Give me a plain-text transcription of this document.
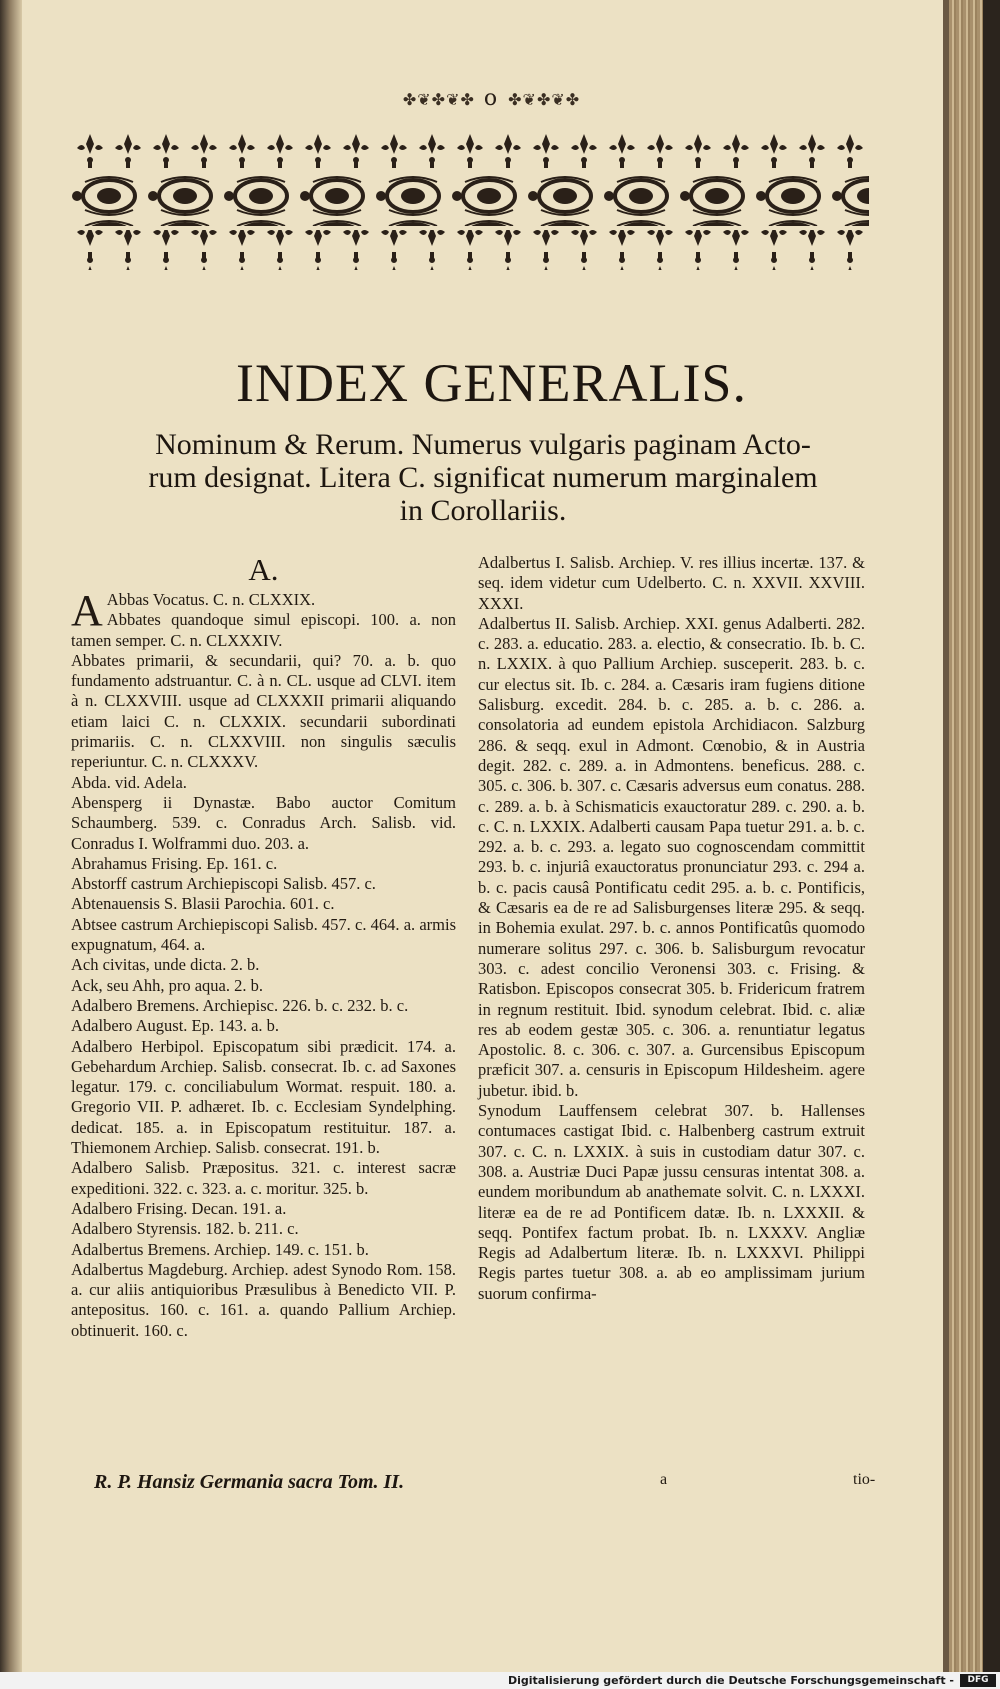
✤❦✤❦✤ o ✤❦✤❦✤
INDEX GENERALIS.
Nominum & Rerum. Numerus vulgaris paginam Acto-
rum designat. Litera C. significat numerum marginalem
in Corollariis.
A.

A Abbas Vocatus. C. n. CLXXIX.

Abbates quandoque simul episcopi. 100. a. non tamen semper. C. n. CLXXXIV.

Abbates primarii, & secundarii, qui? 70. a. b. quo fundamento adstruantur. C. à n. CL. usque ad CLVI. item à n. CLXXVIII. usque ad CLXXXII primarii aliquando etiam laici C. n. CLXXIX. secundarii subordinati primariis. C. n. CLXXVIII. non singulis sæculis reperiuntur. C. n. CLXXXV.

Abda. vid. Adela.

Abensperg ii Dynastæ. Babo auctor Comitum Schaumberg. 539. c. Conradus Arch. Salisb. vid. Conradus I. Wolframmi duo. 203. a.

Abrahamus Frising. Ep. 161. c.

Abstorff castrum Archiepiscopi Salisb. 457. c.

Abtenauensis S. Blasii Parochia. 601. c.

Abtsee castrum Archiepiscopi Salisb. 457. c. 464. a. armis expugnatum, 464. a.

Ach civitas, unde dicta. 2. b.

Ack, seu Ahh, pro aqua. 2. b.

Adalbero Bremens. Archiepisc. 226. b. c. 232. b. c.

Adalbero August. Ep. 143. a. b.

Adalbero Herbipol. Episcopatum sibi prædicit. 174. a. Gebehardum Archiep. Salisb. consecrat. Ib. c. ad Saxones legatur. 179. c. conciliabulum Wormat. respuit. 180. a. Gregorio VII. P. adhæret. Ib. c. Ecclesiam Syndelphing. dedicat. 185. a. in Episcopatum restituitur. 187. a. Thiemonem Archiep. Salisb. consecrat. 191. b.

Adalbero Salisb. Præpositus. 321. c. interest sacræ expeditioni. 322. c. 323. a. c. moritur. 325. b.

Adalbero Frising. Decan. 191. a.

Adalbero Styrensis. 182. b. 211. c.

Adalbertus Bremens. Archiep. 149. c. 151. b.

Adalbertus Magdeburg. Archiep. adest Synodo Rom. 158. a. cur aliis antiquioribus Præsulibus à Benedicto VII. P. antepositus. 160. c. 161. a. quando Pallium Archiep. obtinuerit. 160. c.

Adalbertus I. Salisb. Archiep. V. res illius incertæ. 137. & seq. idem videtur cum Udelberto. C. n. XXVII. XXVIII. XXXI.

Adalbertus II. Salisb. Archiep. XXI. genus Adalberti. 282. c. 283. a. educatio. 283. a. electio, & consecratio. Ib. b. C. n. LXXIX. à quo Pallium Archiep. susceperit. 283. b. c. cur electus sit. Ib. c. 284. a. Cæsaris iram fugiens ditione Salisburg. excedit. 284. b. c. 285. a. b. c. 286. a. consolatoria ad eundem epistola Archidiacon. Salzburg 286. & seqq. exul in Admont. Cœnobio, & in Austria degit. 282. c. 289. a. in Admontens. beneficus. 288. c. 305. c. 306. b. 307. c. Cæsaris adversus eum conatus. 288. c. 289. a. b. à Schismaticis exauctoratur 289. c. 290. a. b. c. C. n. LXXIX. Adalberti causam Papa tuetur 291. a. b. c. 292. a. b. c. 293. a. legato suo cognoscendam committit 293. b. c. injuriâ exauctoratus pronunciatur 293. c. 294 a. b. c. pacis causâ Pontificatu cedit 295. a. b. c. Pontificis, & Cæsaris ea de re ad Salisburgenses literæ 295. & seqq. in Bohemia exulat. 297. b. c. annos Pontificatûs quomodo numerare solitus 297. c. 306. b. Salisburgum revocatur 303. c. adest concilio Veronensi 303. c. Frising. & Ratisbon. Episcopos consecrat 305. b. Fridericum fratrem in regnum restituit. Ibid. synodum celebrat. Ibid. c. aliæ res ab eodem gestæ 305. c. 306. a. renuntiatur legatus Apostolic. 8. c. 306. c. 307. a. Gurcensibus Episcopum præficit 307. a. censuris in Episcopum Hildesheim. agere jubetur. ibid. b.

Synodum Lauffensem celebrat 307. b. Hallenses contumaces castigat Ibid. c. Halbenberg castrum extruit 307. c. C. n. LXXIX. à suis in custodiam datur 307. c. 308. a. Austriæ Duci Papæ jussu censuras intentat 308. a. eundem moribundum ab anathemate solvit. C. n. LXXXI. literæ ea de re ad Pontificem datæ. Ib. n. LXXXII. & seqq. Pontifex factum probat. Ib. n. LXXXV. Angliæ Regis ad Adalbertum literæ. Ib. n. LXXXVI. Philippi Regis partes tuetur 308. a. ab eo amplissimam jurium suorum confirma-

R. P. Hansiz Germania sacra Tom. II.	a	tio-
Digitalisierung gefördert durch die Deutsche Forschungsgemeinschaft -	DFG
